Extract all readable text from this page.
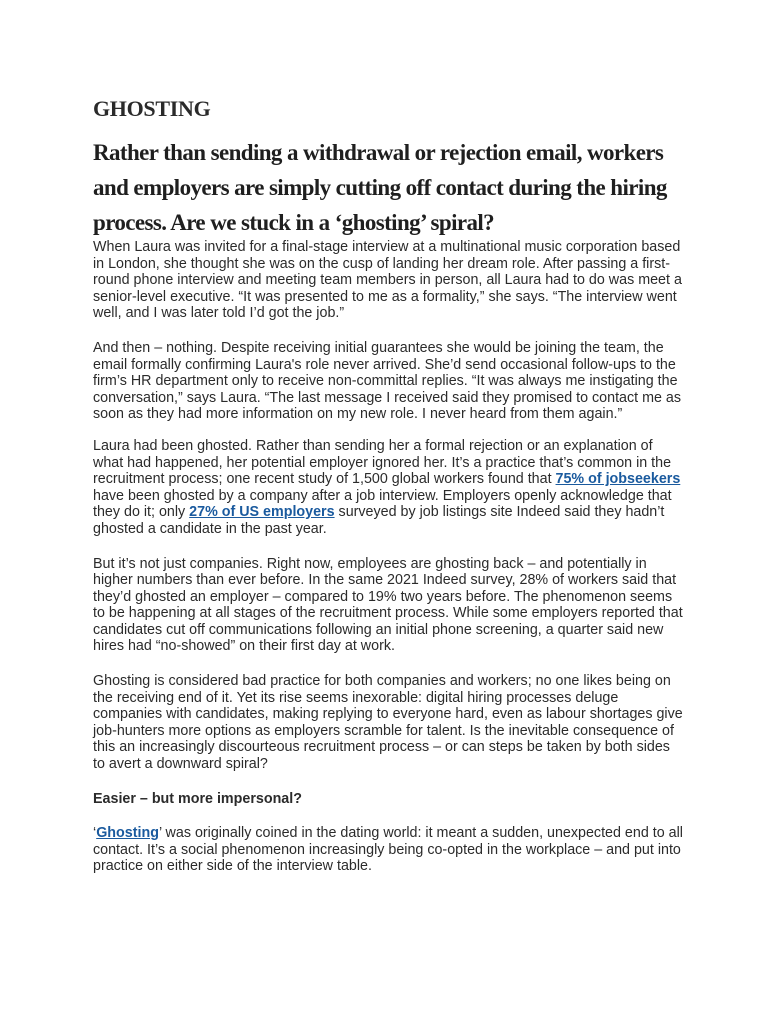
GHOSTING
Rather than sending a withdrawal or rejection email, workers and employers are simply cutting off contact during the hiring process. Are we stuck in a ‘ghosting’ spiral?

When Laura was invited for a final-stage interview at a multinational music corporation based in London, she thought she was on the cusp of landing her dream role. After passing a first-round phone interview and meeting team members in person, all Laura had to do was meet a senior-level executive. “It was presented to me as a formality,” she says. “The interview went well, and I was later told I’d got the job.”

And then – nothing. Despite receiving initial guarantees she would be joining the team, the email formally confirming Laura's role never arrived. She’d send occasional follow-ups to the firm’s HR department only to receive non-committal replies. “It was always me instigating the conversation,” says Laura. “The last message I received said they promised to contact me as soon as they had more information on my new role. I never heard from them again.”

Laura had been ghosted. Rather than sending her a formal rejection or an explanation of what had happened, her potential employer ignored her. It’s a practice that’s common in the recruitment process; one recent study of 1,500 global workers found that 75% of jobseekers have been ghosted by a company after a job interview. Employers openly acknowledge that they do it; only 27% of US employers surveyed by job listings site Indeed said they hadn’t ghosted a candidate in the past year.

But it’s not just companies. Right now, employees are ghosting back – and potentially in higher numbers than ever before. In the same 2021 Indeed survey, 28% of workers said that they’d ghosted an employer – compared to 19% two years before. The phenomenon seems to be happening at all stages of the recruitment process. While some employers reported that candidates cut off communications following an initial phone screening, a quarter said new hires had “no-showed” on their first day at work.

Ghosting is considered bad practice for both companies and workers; no one likes being on the receiving end of it. Yet its rise seems inexorable: digital hiring processes deluge companies with candidates, making replying to everyone hard, even as labour shortages give job-hunters more options as employers scramble for talent. Is the inevitable consequence of this an increasingly discourteous recruitment process – or can steps be taken by both sides to avert a downward spiral?

Easier – but more impersonal?

‘Ghosting’ was originally coined in the dating world: it meant a sudden, unexpected end to all contact. It’s a social phenomenon increasingly being co-opted in the workplace – and put into practice on either side of the interview table.
